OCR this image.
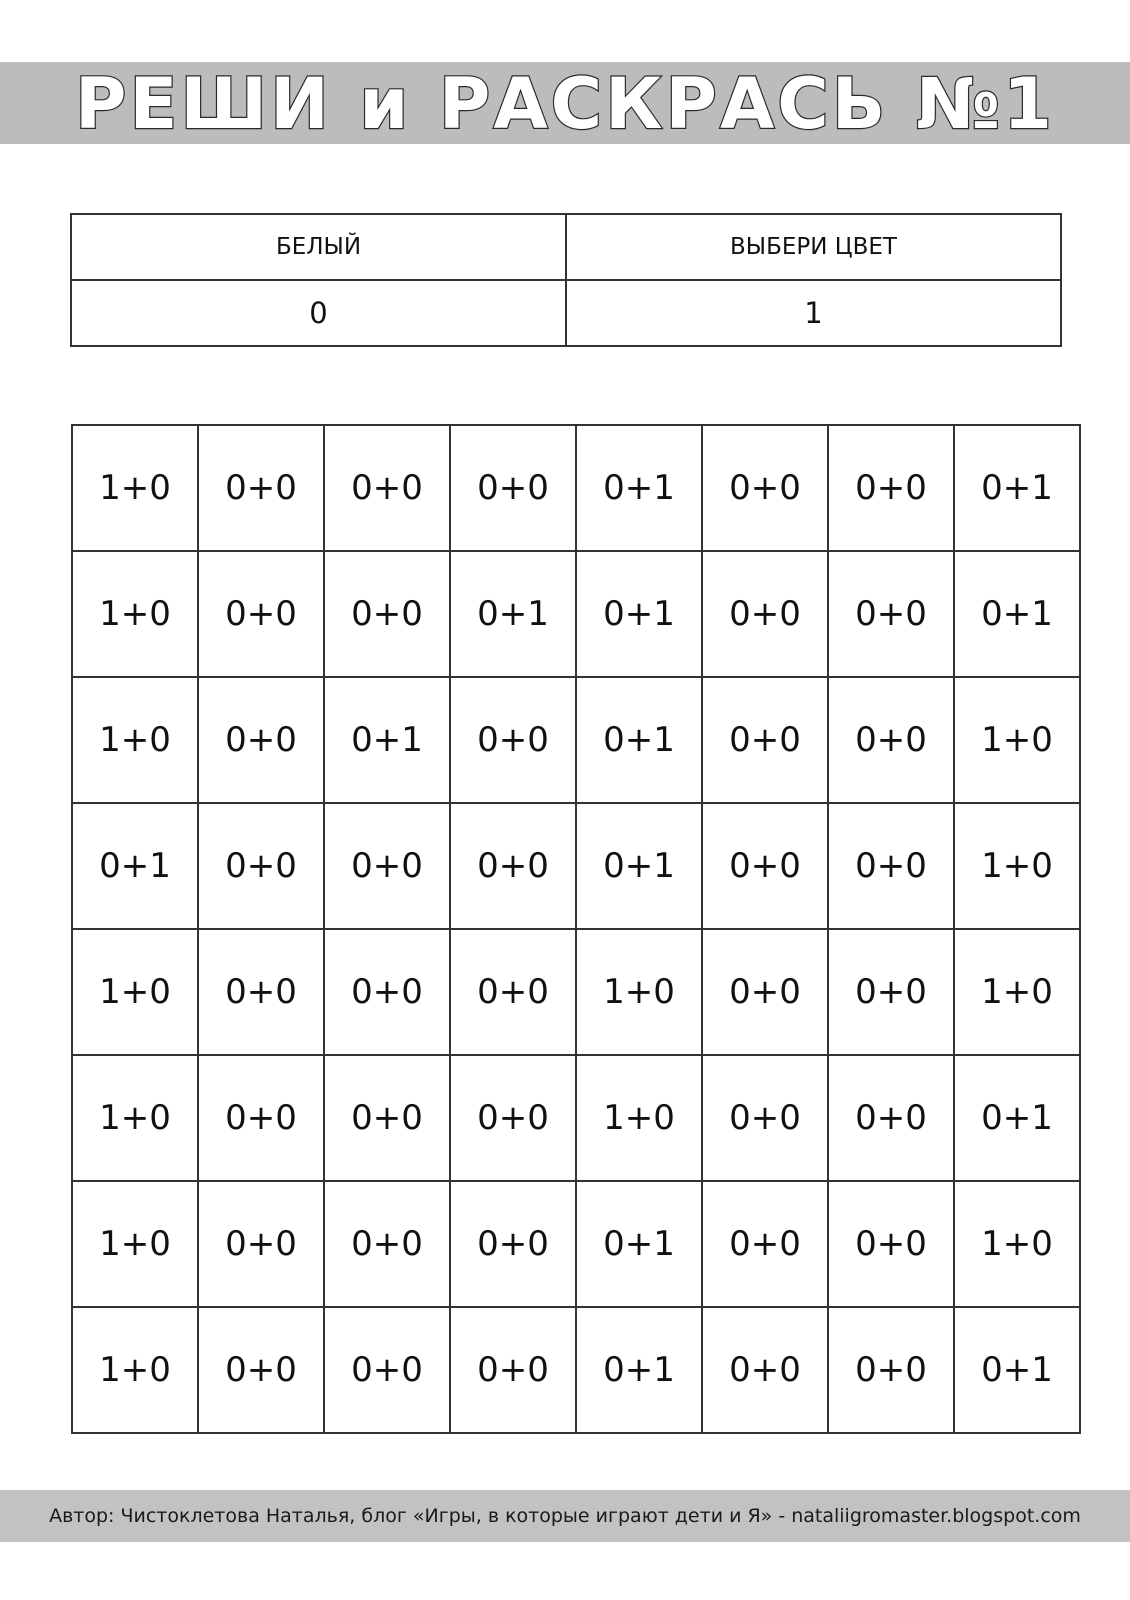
РЕШИ и РАСКРАСЬ №1
БЕЛЫЙ	ВЫБЕРИ ЦВЕТ
0	1
1+0	0+0	0+0	0+0	0+1	0+0	0+0	0+1
1+0	0+0	0+0	0+1	0+1	0+0	0+0	0+1
1+0	0+0	0+1	0+0	0+1	0+0	0+0	1+0
0+1	0+0	0+0	0+0	0+1	0+0	0+0	1+0
1+0	0+0	0+0	0+0	1+0	0+0	0+0	1+0
1+0	0+0	0+0	0+0	1+0	0+0	0+0	0+1
1+0	0+0	0+0	0+0	0+1	0+0	0+0	1+0
1+0	0+0	0+0	0+0	0+1	0+0	0+0	0+1
Автор: Чистоклетова Наталья, блог «Игры, в которые играют дети и Я» - nataliigromaster.blogspot.com
